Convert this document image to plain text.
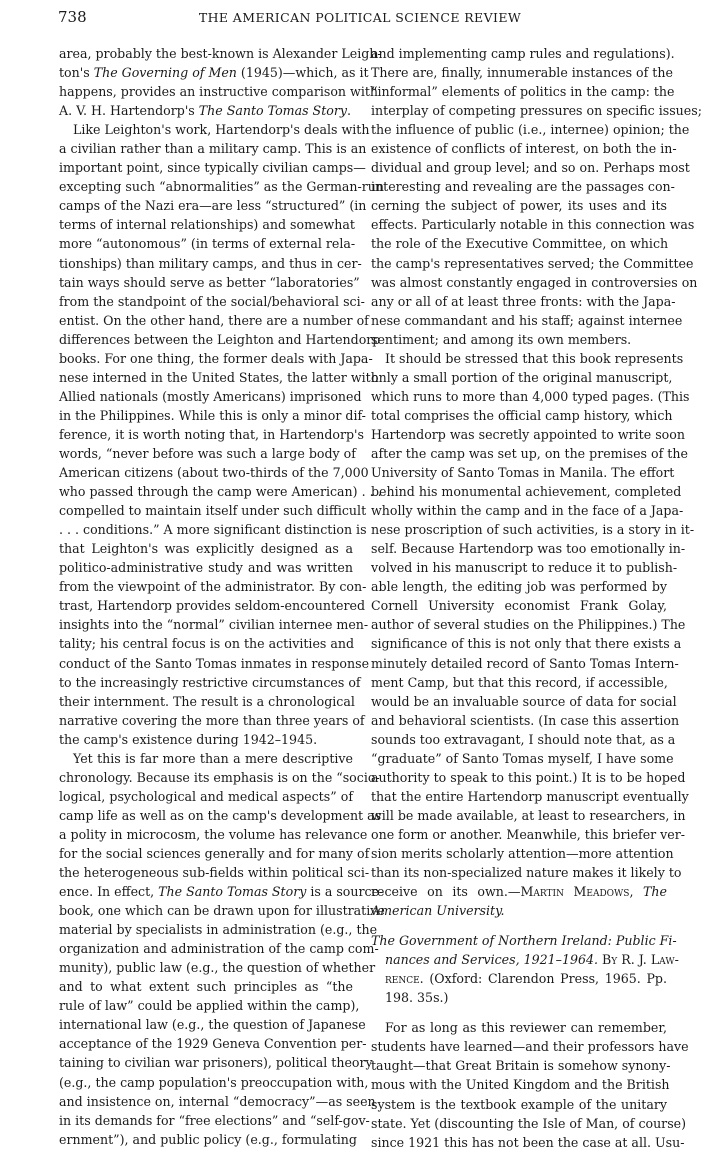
738	THE AMERICAN POLITICAL SCIENCE REVIEW
area, probably the best-known is Alexander Leigh-
ton's The Governing of Men (1945)—which, as it
happens, provides an instructive comparison with
A. V. H. Hartendorp's The Santo Tomas Story.
Like Leighton's work, Hartendorp's deals with
a civilian rather than a military camp. This is an
important point, since typically civilian camps—
excepting such “abnormalities” as the German-run
camps of the Nazi era—are less “structured” (in
terms of internal relationships) and somewhat
more “autonomous” (in terms of external rela-
tionships) than military camps, and thus in cer-
tain ways should serve as better “laboratories”
from the standpoint of the social/behavioral sci-
entist. On the other hand, there are a number of
differences between the Leighton and Hartendorp
books. For one thing, the former deals with Japa-
nese interned in the United States, the latter with
Allied nationals (mostly Americans) imprisoned
in the Philippines. While this is only a minor dif-
ference, it is worth noting that, in Hartendorp's
words, “never before was such a large body of
American citizens (about two-thirds of the 7,000
who passed through the camp were American) . . .
compelled to maintain itself under such difficult
. . . conditions.” A more significant distinction is
that Leighton's was explicitly designed as a
politico-administrative study and was written
from the viewpoint of the administrator. By con-
trast, Hartendorp provides seldom-encountered
insights into the “normal” civilian internee men-
tality; his central focus is on the activities and
conduct of the Santo Tomas inmates in response
to the increasingly restrictive circumstances of
their internment. The result is a chronological
narrative covering the more than three years of
the camp's existence during 1942–1945.
Yet this is far more than a mere descriptive
chronology. Because its emphasis is on the “socio-
logical, psychological and medical aspects” of
camp life as well as on the camp's development as
a polity in microcosm, the volume has relevance
for the social sciences generally and for many of
the heterogeneous sub-fields within political sci-
ence. In effect, The Santo Tomas Story is a source-
book, one which can be drawn upon for illustrative
material by specialists in administration (e.g., the
organization and administration of the camp com-
munity), public law (e.g., the question of whether
and to what extent such principles as “the
rule of law” could be applied within the camp),
international law (e.g., the question of Japanese
acceptance of the 1929 Geneva Convention per-
taining to civilian war prisoners), political theory
(e.g., the camp population's preoccupation with,
and insistence on, internal “democracy”—as seen
in its demands for “free elections” and “self-gov-
ernment”), and public policy (e.g., formulating
and implementing camp rules and regulations).
There are, finally, innumerable instances of the
“informal” elements of politics in the camp: the
interplay of competing pressures on specific issues;
the influence of public (i.e., internee) opinion; the
existence of conflicts of interest, on both the in-
dividual and group level; and so on. Perhaps most
interesting and revealing are the passages con-
cerning the subject of power, its uses and its
effects. Particularly notable in this connection was
the role of the Executive Committee, on which
the camp's representatives served; the Committee
was almost constantly engaged in controversies on
any or all of at least three fronts: with the Japa-
nese commandant and his staff; against internee
sentiment; and among its own members.
It should be stressed that this book represents
only a small portion of the original manuscript,
which runs to more than 4,000 typed pages. (This
total comprises the official camp history, which
Hartendorp was secretly appointed to write soon
after the camp was set up, on the premises of the
University of Santo Tomas in Manila. The effort
behind his monumental achievement, completed
wholly within the camp and in the face of a Japa-
nese proscription of such activities, is a story in it-
self. Because Hartendorp was too emotionally in-
volved in his manuscript to reduce it to publish-
able length, the editing job was performed by
Cornell University economist Frank Golay,
author of several studies on the Philippines.) The
significance of this is not only that there exists a
minutely detailed record of Santo Tomas Intern-
ment Camp, but that this record, if accessible,
would be an invaluable source of data for social
and behavioral scientists. (In case this assertion
sounds too extravagant, I should note that, as a
“graduate” of Santo Tomas myself, I have some
authority to speak to this point.) It is to be hoped
that the entire Hartendorp manuscript eventually
will be made available, at least to researchers, in
one form or another. Meanwhile, this briefer ver-
sion merits scholarly attention—more attention
than its non-specialized nature makes it likely to
receive on its own.—Martin Meadows, The
American University.
The Government of Northern Ireland: Public Fi-
nances and Services, 1921–1964. By R. J. Law-
rence. (Oxford: Clarendon Press, 1965. Pp.
198. 35s.)
For as long as this reviewer can remember,
students have learned—and their professors have
taught—that Great Britain is somehow synony-
mous with the United Kingdom and the British
system is the textbook example of the unitary
state. Yet (discounting the Isle of Man, of course)
since 1921 this has not been the case at all. Usu-
